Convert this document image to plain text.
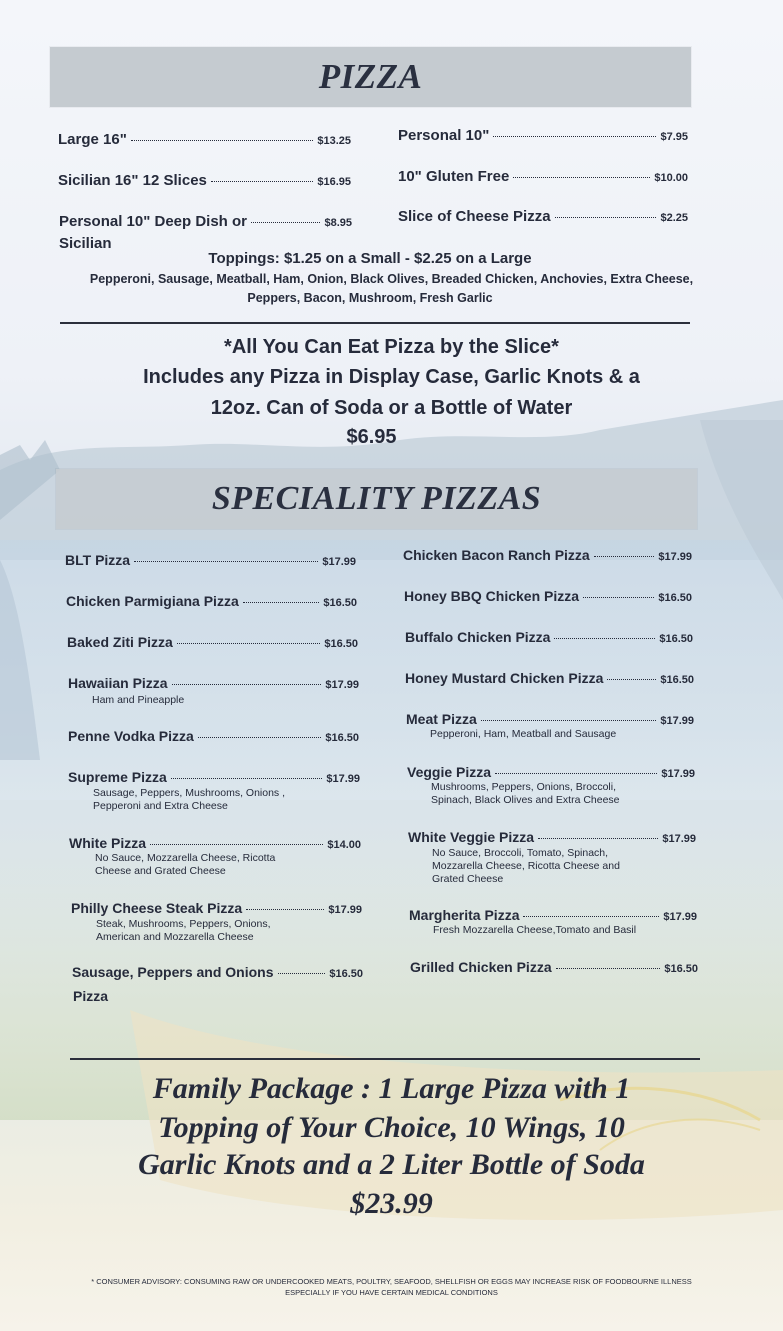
PIZZA
Large 16"	$13.25	Personal 10"	$7.95
Sicilian 16" 12 Slices	$16.95	10" Gluten Free	$10.00
Personal 10" Deep Dish or	$8.95
Sicilian
Slice of Cheese Pizza	$2.25
Toppings: $1.25 on a Small - $2.25 on a Large
Pepperoni, Sausage, Meatball, Ham, Onion, Black Olives, Breaded Chicken, Anchovies, Extra Cheese,
Peppers, Bacon, Mushroom, Fresh Garlic
*All You Can Eat Pizza by the Slice*
Includes any Pizza in Display Case, Garlic Knots & a
12oz. Can of Soda or a Bottle of Water
$6.95
SPECIALITY PIZZAS
BLT Pizza	$17.99
Chicken Parmigiana Pizza	$16.50
Baked Ziti Pizza	$16.50
Hawaiian Pizza	$17.99
Ham and Pineapple
Penne Vodka Pizza	$16.50
Supreme Pizza	$17.99
Sausage, Peppers, Mushrooms, Onions ,
Pepperoni and Extra Cheese
White Pizza	$14.00
No Sauce, Mozzarella Cheese, Ricotta
Cheese and Grated Cheese
Philly Cheese Steak Pizza	$17.99
Steak, Mushrooms, Peppers, Onions,
American and Mozzarella Cheese
Sausage, Peppers and Onions	$16.50
Pizza
Chicken Bacon Ranch Pizza	$17.99
Honey BBQ Chicken Pizza	$16.50
Buffalo Chicken Pizza	$16.50
Honey Mustard Chicken Pizza	$16.50
Meat Pizza	$17.99
Pepperoni, Ham, Meatball and Sausage
Veggie Pizza	$17.99
Mushrooms, Peppers, Onions, Broccoli,
Spinach, Black Olives and Extra Cheese
White Veggie Pizza	$17.99
No Sauce, Broccoli, Tomato, Spinach,
Mozzarella Cheese, Ricotta Cheese and
Grated Cheese
Margherita Pizza	$17.99
Fresh Mozzarella Cheese,Tomato and Basil
Grilled Chicken Pizza	$16.50
Family Package : 1 Large Pizza with 1
Topping of Your Choice, 10 Wings, 10
Garlic Knots and a 2 Liter Bottle of Soda
$23.99
* CONSUMER ADVISORY: CONSUMING RAW OR UNDERCOOKED MEATS, POULTRY, SEAFOOD, SHELLFISH OR EGGS MAY INCREASE RISK OF FOODBOURNE ILLNESS
ESPECIALLY IF YOU HAVE CERTAIN MEDICAL CONDITIONS
